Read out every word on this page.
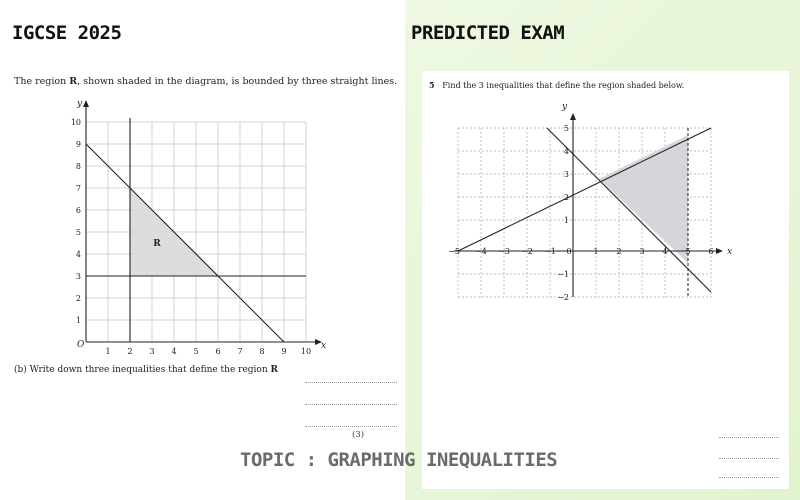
IGCSE 2025	PREDICTED EXAM
The region R, shown shaded in the diagram, is bounded by three straight lines.
R
y
x
O
1 2 3 4 5 6 7 8 9 10
1
2
3
4
5
6
7
8
9
10
(b) Write down three inequalities that define the region R
(3)
5 Find the 3 inequalities that define the region shaded below.
y
x
−5 −4 −3 −2 −1 0	1 2 3 4 5 6
5
4
3
2
1
−1
−2
TOPIC : GRAPHING INEQUALITIES
